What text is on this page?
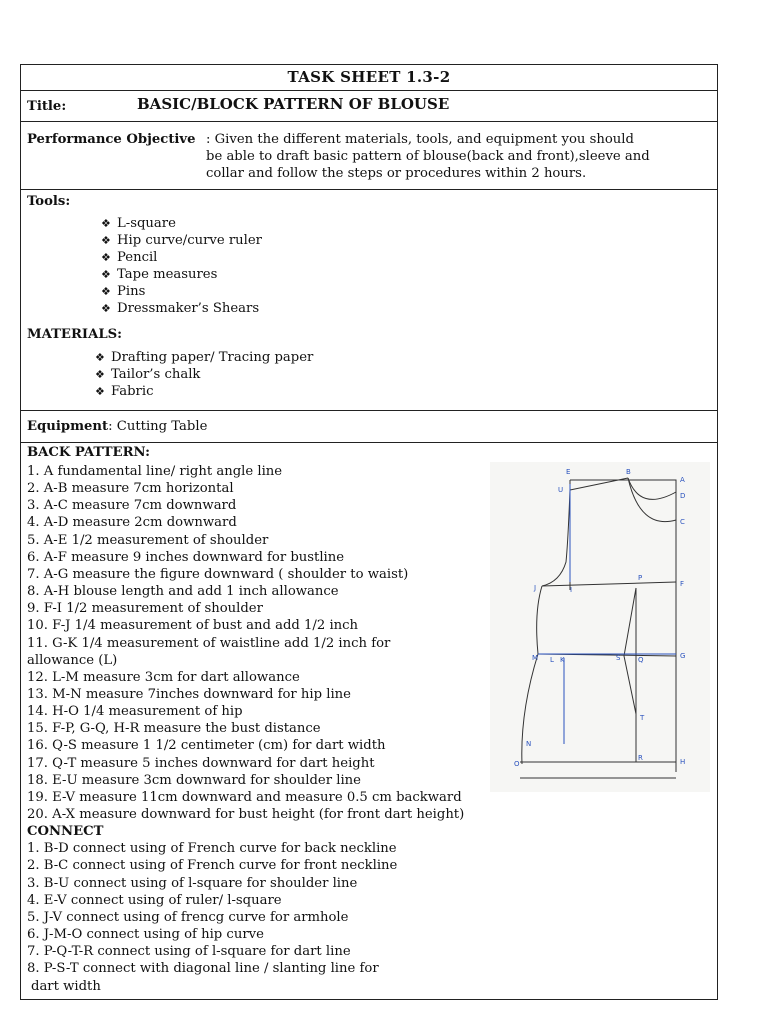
TASK SHEET 1.3-2
Title:	BASIC/BLOCK PATTERN OF BLOUSE
Performance Objective : Given the different materials, tools, and equipment you should
be able to draft basic pattern of blouse(back and front),sleeve and
collar and follow the steps or procedures within 2 hours.
Tools:
❖ L-square
❖ Hip curve/curve ruler
❖ Pencil
❖ Tape measures
❖ Pins
❖ Dressmaker’s Shears
MATERIALS:
❖ Drafting paper/ Tracing paper
❖ Tailor’s chalk
❖ Fabric
Equipment: Cutting Table
BACK PATTERN:
1. A fundamental line/ right angle line
2. A-B measure 7cm horizontal
3. A-C measure 7cm downward
4. A-D measure 2cm downward
5. A-E 1/2 measurement of shoulder
6. A-F measure 9 inches downward for bustline
7. A-G measure the figure downward ( shoulder to waist)
8. A-H blouse length and add 1 inch allowance
9. F-I 1/2 measurement of shoulder
10. F-J 1/4 measurement of bust and add 1/2 inch
11. G-K 1/4 measurement of waistline add 1/2 inch for
allowance (L)
12. L-M measure 3cm for dart allowance
13. M-N measure 7inches downward for hip line
14. H-O 1/4 measurement of hip
15. F-P, G-Q, H-R measure the bust distance
16. Q-S measure 1 1/2 centimeter (cm) for dart width
17. Q-T measure 5 inches downward for dart height
18. E-U measure 3cm downward for shoulder line
19. E-V measure 11cm downward and measure 0.5 cm backward
20. A-X measure downward for bust height (for front dart height)
CONNECT
1. B-D connect using of French curve for back neckline
2. B-C connect using of French curve for front neckline
3. B-U connect using of l-square for shoulder line
4. E-V connect using of ruler/ l-square
5. J-V connect using of frencg curve for armhole
6. J-M-O connect using of hip curve
7. P-Q-T-R connect using of l-square for dart line
8. P-S-T connect with diagonal line / slanting line for
dart width
E	B
A
U
D
C
J	I
P
F
M L K	S	Q	G
T
N
O
R	H
